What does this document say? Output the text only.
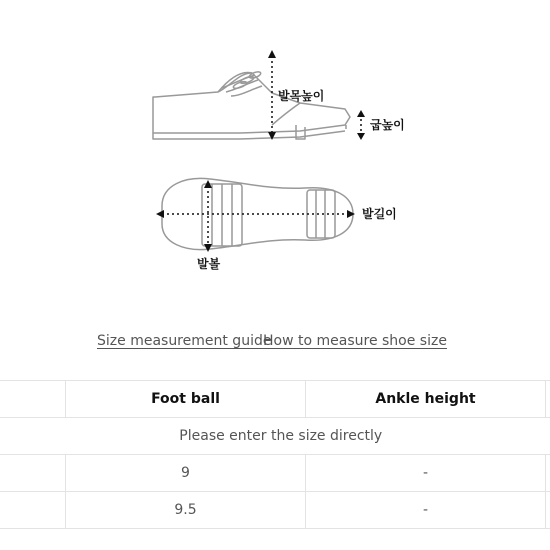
발목높이
굽높이
발길이
발볼
Size measurement guide
How to measure shoe size
	Foot ball	Ankle height	
Please enter the size directly			
	9	-	
	9.5	-	
